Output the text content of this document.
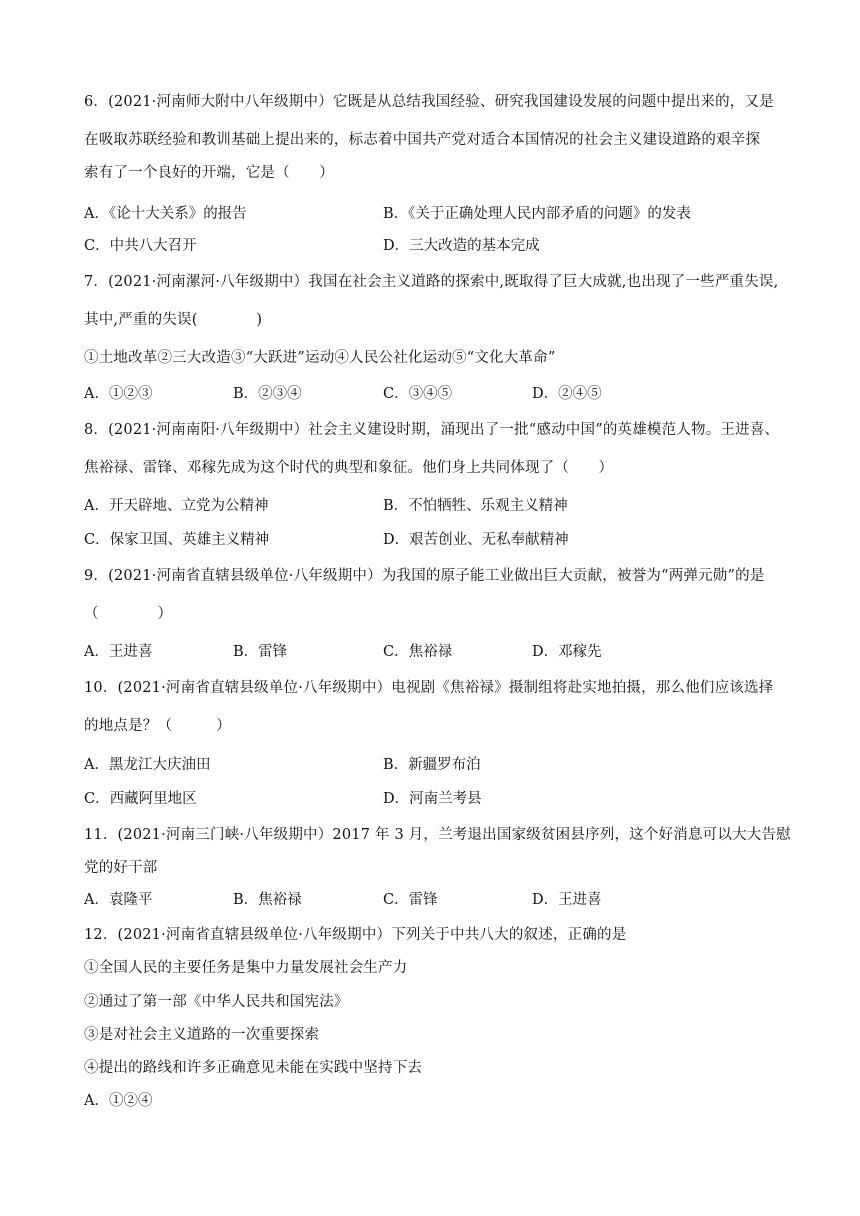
6．(2021·河南师大附中八年级期中）它既是从总结我国经验、研究我国建设发展的问题中提出来的，又是
在吸取苏联经验和教训基础上提出来的，标志着中国共产党对适合本国情况的社会主义建设道路的艰辛探
索有了一个良好的开端，它是（　　）
A．《论十大关系》的报告	B．《关于正确处理人民内部矛盾的问题》的发表
C．中共八大召开	D．三大改造的基本完成
7．(2021·河南漯河·八年级期中）我国在社会主义道路的探索中,既取得了巨大成就,也出现了一些严重失误,
其中,严重的失误(　　　　)
①土地改革②三大改造③“大跃进”运动④人民公社化运动⑤“文化大革命”
A．①②③	B．②③④	C．③④⑤	D．②④⑤
8．(2021·河南南阳·八年级期中）社会主义建设时期，涌现出了一批“感动中国”的英雄模范人物。王进喜、
焦裕禄、雷锋、邓稼先成为这个时代的典型和象征。他们身上共同体现了（　　）
A．开天辟地、立党为公精神	B．不怕牺牲、乐观主义精神
C．保家卫国、英雄主义精神	D．艰苦创业、无私奉献精神
9．(2021·河南省直辖县级单位·八年级期中）为我国的原子能工业做出巨大贡献，被誉为“两弹元勋”的是
（　　　　）
A．王进喜	B．雷锋	C．焦裕禄	D．邓稼先
10．(2021·河南省直辖县级单位·八年级期中）电视剧《焦裕禄》摄制组将赴实地拍摄，那么他们应该选择
的地点是？（　　　）
A．黑龙江大庆油田	B．新疆罗布泊
C．西藏阿里地区	D．河南兰考县
11．(2021·河南三门峡·八年级期中）2017 年 3 月，兰考退出国家级贫困县序列，这个好消息可以大大告慰
党的好干部
A．袁隆平	B．焦裕禄	C．雷锋	D．王进喜
12．(2021·河南省直辖县级单位·八年级期中）下列关于中共八大的叙述，正确的是
①全国人民的主要任务是集中力量发展社会生产力
②通过了第一部《中华人民共和国宪法》
③是对社会主义道路的一次重要探索
④提出的路线和许多正确意见未能在实践中坚持下去
A．①②④
